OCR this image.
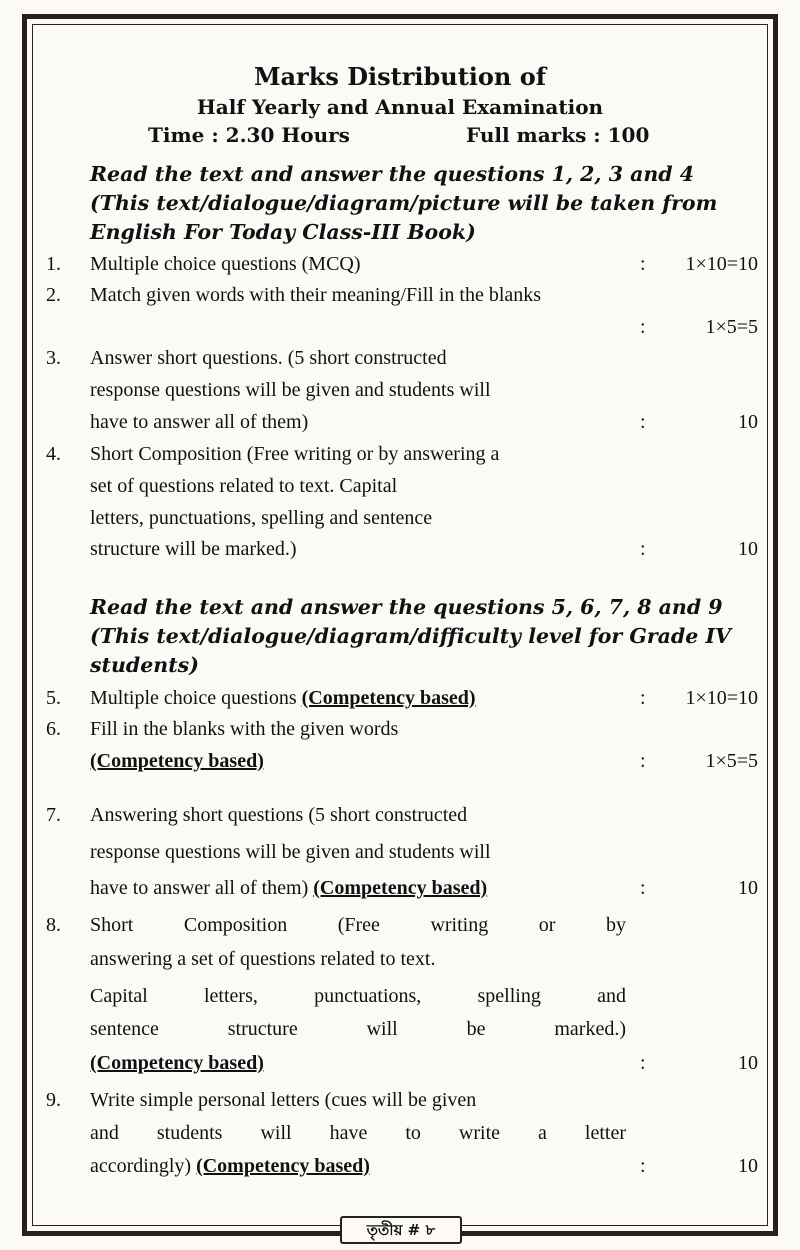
Marks Distribution of
Half Yearly and Annual Examination
Time : 2.30 Hours	Full marks : 100
Read the text and answer the questions 1, 2, 3 and 4
(This text/dialogue/diagram/picture will be taken from
English For Today Class-III Book)
1. Multiple choice questions (MCQ)	: 1×10=10
2. Match given words with their meaning/Fill in the blanks
:	1×5=5
3. Answer short questions. (5 short constructed
response questions will be given and students will
have to answer all of them)	:	10
4. Short Composition (Free writing or by answering a
set of questions related to text. Capital
letters, punctuations, spelling and sentence
structure will be marked.)	:	10
Read the text and answer the questions 5, 6, 7, 8 and 9
(This text/dialogue/diagram/difficulty level for Grade IV
students)
5. Multiple choice questions (Competency based)	: 1×10=10
6. Fill in the blanks with the given words
(Competency based)	:	1×5=5
7. Answering short questions (5 short constructed
response questions will be given and students will
have to answer all of them) (Competency based)	:	10
8. Short	Composition	(Free	writing	or	by
answering a set of questions related to text.
Capital	letters,	punctuations,	spelling	and
sentence	structure	will	be	marked.)
(Competency based)	:	10
9. Write simple personal letters (cues will be given
and students will have to write a letter
accordingly) (Competency based)	:	10
তৃতীয় # ৮
